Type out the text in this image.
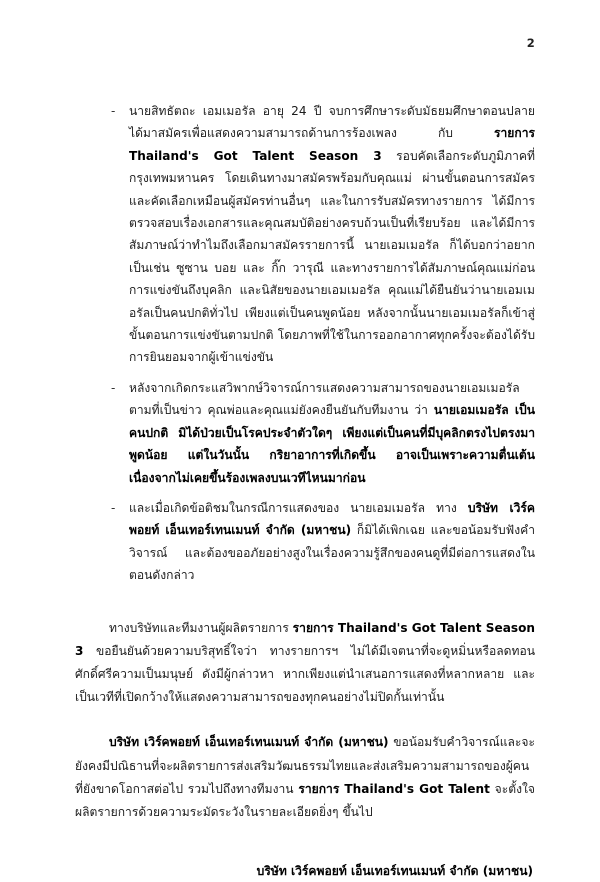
2
- นายสิทธัตถะ เอมเมอรัล อายุ 24 ปี จบการศึกษาระดับมัธยมศึกษาตอนปลาย ได้มาสมัครเพื่อแสดงความสามารถด้านการร้องเพลง กับ รายการ Thailand's Got Talent Season 3 รอบคัดเลือกระดับภูมิภาคที่กรุงเทพมหานคร โดยเดินทางมาสมัครพร้อมกับคุณแม่ ผ่านขั้นตอนการสมัครและคัดเลือกเหมือนผู้สมัครท่านอื่นๆ และในการรับสมัครทางรายการ ได้มีการตรวจสอบเรื่องเอกสารและคุณสมบัติอย่างครบถ้วนเป็นที่เรียบร้อย และได้มีการสัมภาษณ์ว่าทำไมถึงเลือกมาสมัครรายการนี้ นายเอมเมอรัล ก็ได้บอกว่าอยากเป็นเช่น ซูซาน บอย และ กิ๊ก วารุณี และทางรายการได้สัมภาษณ์คุณแม่ก่อนการแข่งขันถึงบุคลิก และนิสัยของนายเอมเมอรัล คุณแม่ได้ยืนยันว่านายเอมเมอรัลเป็นคนปกติทั่วไป เพียงแต่เป็นคนพูดน้อย หลังจากนั้นนายเอมเมอรัลก็เข้าสู่ขั้นตอนการแข่งขันตามปกติ โดยภาพที่ใช้ในการออกอากาศทุกครั้งจะต้องได้รับการยินยอมจากผู้เข้าแข่งขัน

- หลังจากเกิดกระแสวิพากษ์วิจารณ์การแสดงความสามารถของนายเอมเมอรัลตามที่เป็นข่าว คุณพ่อและคุณแม่ยังคงยืนยันกับทีมงาน ว่า นายเอมเมอรัล เป็นคนปกติ มิได้ป่วยเป็นโรคประจำตัวใดๆ เพียงแต่เป็นคนที่มีบุคลิกตรงไปตรงมา พูดน้อย แต่ในวันนั้น กริยาอาการที่เกิดขึ้น อาจเป็นเพราะความตื่นเต้น เนื่องจากไม่เคยขึ้นร้องเพลงบนเวทีไหนมาก่อน

- และเมื่อเกิดข้อติชมในกรณีการแสดงของ นายเอมเมอรัล ทาง บริษัท เวิร์คพอยท์ เอ็นเทอร์เทนเมนท์ จำกัด (มหาชน) ก็มิได้เพิกเฉย และขอน้อมรับฟังคำวิจารณ์ และต้องขออภัยอย่างสูงในเรื่องความรู้สึกของคนดูที่มีต่อการแสดงในตอนดังกล่าว

ทางบริษัทและทีมงานผู้ผลิตรายการ รายการ Thailand's Got Talent Season 3 ขอยืนยันด้วยความบริสุทธิ์ใจว่า ทางรายการฯ ไม่ได้มีเจตนาที่จะดูหมิ่นหรือลดทอนศักดิ์ศรีความเป็นมนุษย์ ดังมีผู้กล่าวหา หากเพียงแต่นำเสนอการแสดงที่หลากหลาย และเป็นเวทีที่เปิดกว้างให้แสดงความสามารถของทุกคนอย่างไม่ปิดกั้นเท่านั้น

บริษัท เวิร์คพอยท์ เอ็นเทอร์เทนเมนท์ จำกัด (มหาชน) ขอน้อมรับคำวิจารณ์และจะยังคงมีปณิธานที่จะผลิตรายการส่งเสริมวัฒนธรรมไทยและส่งเสริมความสามารถของผู้คนที่ยังขาดโอกาสต่อไป รวมไปถึงทางทีมงาน รายการ Thailand's Got Talent จะตั้งใจผลิตรายการด้วยความระมัดระวังในรายละเอียดยิ่งๆ ขึ้นไป

บริษัท เวิร์คพอยท์ เอ็นเทอร์เทนเมนท์ จำกัด (มหาชน)
